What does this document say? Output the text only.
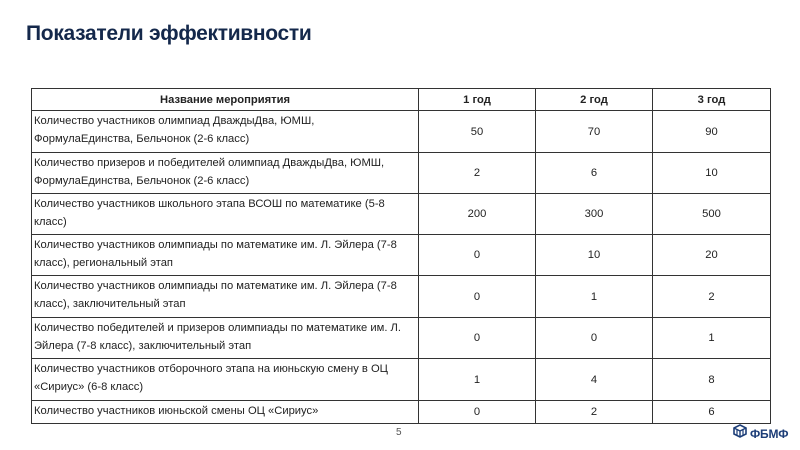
Показатели эффективности
Название мероприятия	1 год	2 год	3 год
Количество участников олимпиад ДваждыДва, ЮМШ, ФормулаЕдинства, Бельчонок (2-6 класс)	50	70	90
Количество призеров и победителей олимпиад ДваждыДва, ЮМШ, ФормулаЕдинства, Бельчонок (2-6 класс)	2	6	10
Количество участников школьного этапа ВСОШ по математике (5-8 класс)	200	300	500
Количество участников олимпиады по математике им. Л. Эйлера (7-8 класс), региональный этап	0	10	20
Количество участников олимпиады по математике им. Л. Эйлера (7-8 класс), заключительный этап	0	1	2
Количество победителей и призеров олимпиады по математике им. Л. Эйлера (7-8 класс), заключительный этап	0	0	1
Количество участников отборочного этапа на июньскую смену в ОЦ «Сириус» (6-8 класс)	1	4	8
Количество участников июньской смены ОЦ «Сириус»	0	2	6
5	ФБМФ
